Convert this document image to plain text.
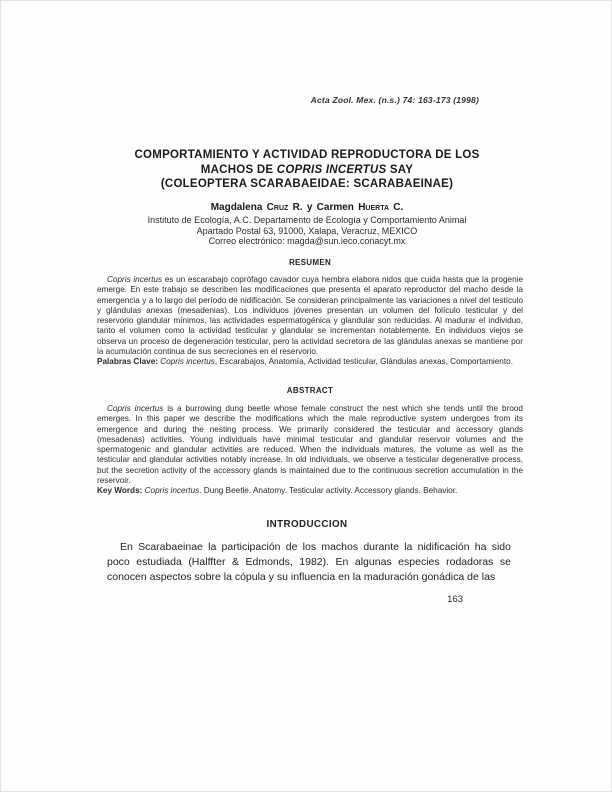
Acta Zool. Mex. (n.s.) 74: 163-173 (1998)
COMPORTAMIENTO Y ACTIVIDAD REPRODUCTORA DE LOS
MACHOS DE COPRIS INCERTUS SAY
(COLEOPTERA SCARABAEIDAE: SCARABAEINAE)
Magdalena Cruz R. y Carmen Huerta C.
Instituto de Ecología, A.C. Departamento de Ecología y Comportamiento Animal
Apartado Postal 63, 91000, Xalapa, Veracruz, MEXICO
Correo electrónico: magda@sun.ieco.conacyt.mx
RESUMEN

Copris incertus es un escarabajo coprófago cavador cuya hembra elabora nidos que cuida hasta que la progenie emerge. En este trabajo se describen las modificaciones que presenta el aparato reproductor del macho desde la emergencia y a lo largo del período de nidificación. Se consideran principalmente las variaciones a nivel del testículo y glándulas anexas (mesadenias). Los individuos jóvenes presentan un volumen del folículo testicular y del reservorio glandular mínimos, las actividades espermatogénica y glandular son reducidas. Al madurar el individuo, tanto el volumen como la actividad testicular y glandular se incrementan notablemente. En individuos viejos se observa un proceso de degeneración testicular, pero la actividad secretora de las glándulas anexas se mantiene por la acumulación continua de sus secreciones en el reservorio.

Palabras Clave: Copris incertus, Escarabajos, Anatomía, Actividad testicular, Glándulas anexas, Comportamiento.

ABSTRACT

Copris incertus is a burrowing dung beetle whose female construct the nest which she tends until the brood emerges. In this paper we describe the modifications which the male reproductive system undergoes from its emergence and during the nesting process. We primarily considered the testicular and accessory glands (mesadenas) activities. Young individuals have minimal testicular and glandular reservoir volumes and the spermatogenic and glandular activities are reduced. When the individuals matures, the volume as well as the testicular and glandular activities notably increase. In old individuals, we observe a testicular degenerative process, but the secretion activity of the accessory glands is maintained due to the continuous secretion accumulation in the reservoir.

Key Words: Copris incertus. Dung Beetle. Anatomy. Testicular activity. Accessory glands. Behavior.

INTRODUCCION

En Scarabaeinae la participación de los machos durante la nidificación ha sido poco estudiada (Halffter & Edmonds, 1982). En algunas especies rodadoras se conocen aspectos sobre la cópula y su influencia en la maduración gonádica de las

163
